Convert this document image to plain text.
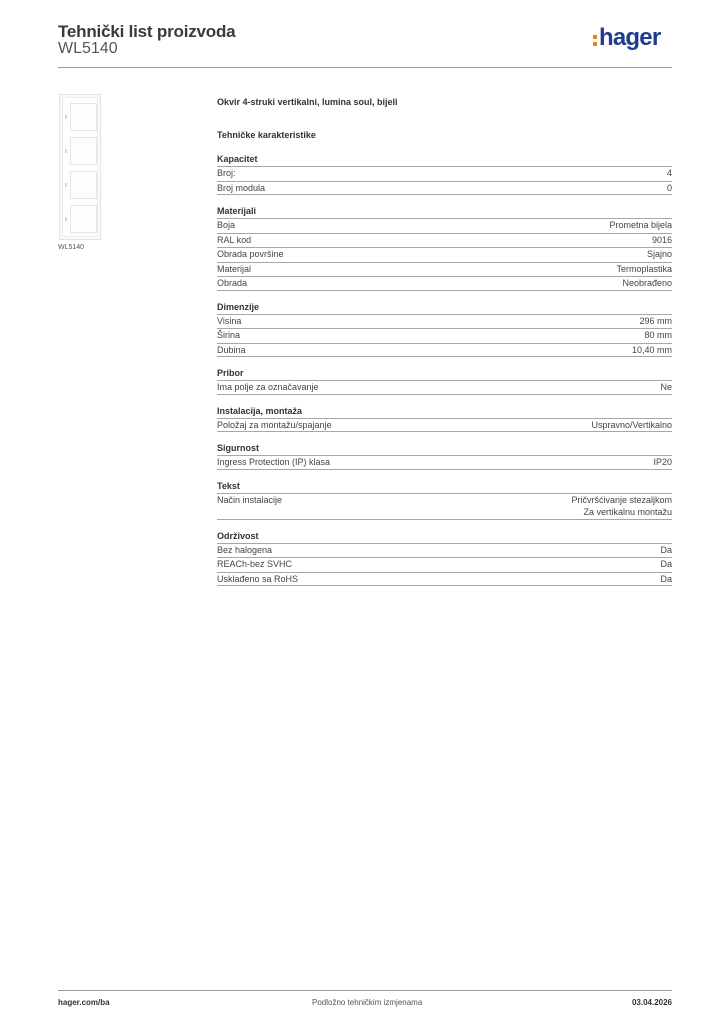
Tehnički list proizvoda
WL5140	hager
WL5140
Okvir 4-struki vertikalni, lumina soul, bijeli
Tehničke karakteristike
Kapacitet
Broj:	4
Broj modula	0
Materijali
Boja	Prometna bijela
RAL kod	9016
Obrada površine	Sjajno
Materijal	Termoplastika
Obrada	Neobrađeno
Dimenzije
Visina	296 mm
Širina	80 mm
Dubina	10,40 mm
Pribor
Ima polje za označavanje	Ne
Instalacija, montaža
Položaj za montažu/spajanje	Uspravno/Vertikalno
Sigurnost
Ingress Protection (IP) klasa	IP20
Tekst
Način instalacije	Pričvršćivanje stezaljkom
Za vertikalnu montažu
Održivost
Bez halogena	Da
REACh-bez SVHC	Da
Usklađeno sa RoHS	Da
hager.com/ba	Podložno tehničkim izmjenama	03.04.2026
